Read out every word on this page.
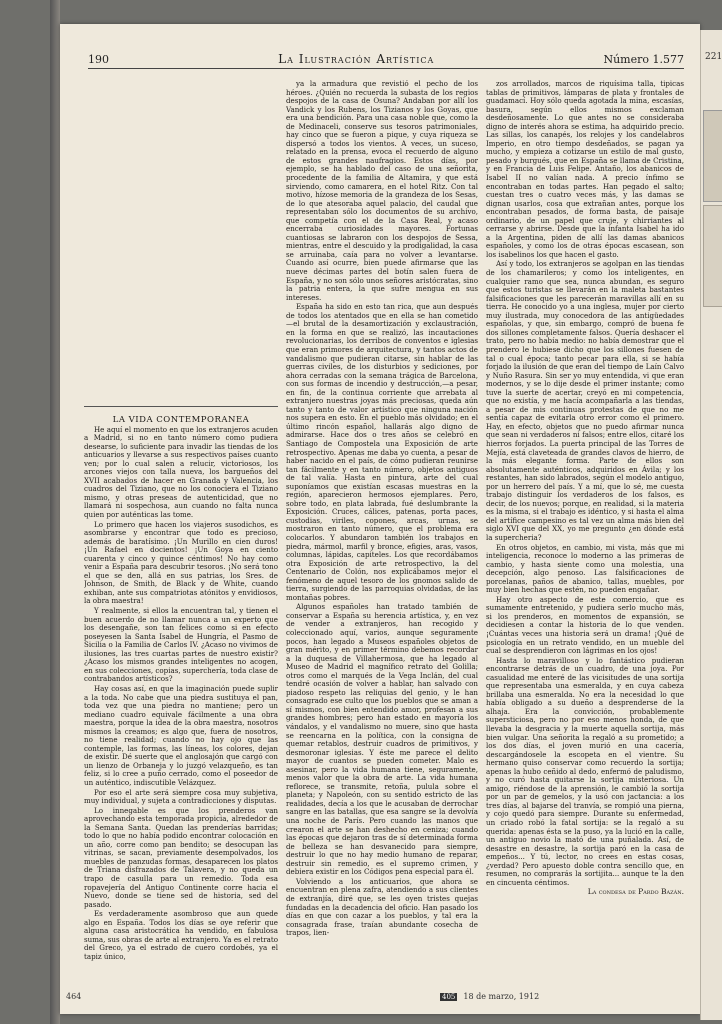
190	La Ilustración Artística	Número 1.577

LA VIDA CONTEMPORÁNEA

He aquí el momento en que los extranjeros acuden a Madrid, si no en tanto número como pudiera desearse, lo suficiente para invadir las tiendas de los anticuarios y llevarse a sus respectivos países cuanto ven; por lo cual salen a relucir, victoriosos, los arcones viejos con talla nueva, los bargueños del XVII acabados de hacer en Granada y Valencia, los cuadros del Tiziano, que no los conociera el Tiziano mismo, y otras preseas de autenticidad, que no llamará ni sospechosa, aun cuando no falta nunca quien por auténticas las tome.

Lo primero que hacen los viajeros susodichos, es asombrarse y encontrar que todo es precioso, además de baratísimo. ¡Un Murillo en cien duros! ¡Un Rafael en docientos! ¡Un Goya en ciento cuarenta y cinco y quince céntimos! No hay como venir a España para descubrir tesoros. ¡No será tono el que se den, allá en sus patrias, los Sres. de Johnson, de Smith, de Black y de White, cuando exhiban, ante sus compatriotas atónitos y envidiosos, la obra maestra!

Y realmente, si ellos la encuentran tal, y tienen el buen acuerdo de no llamar nunca a un experto que los desengañe, son tan felices como si en efecto poseyesen la Santa Isabel de Hungría, el Pasmo de Sicilia o la Familia de Carlos IV. ¿Acaso no vivimos de ilusiones, las tres cuartas partes de nuestro existir? ¿Acaso los mismos grandes inteligentes no acogen, en sus colecciones, copias, superchería, toda clase de contrabandos artísticos?

Hay cosas así, en que la imaginación puede suplir a la toda. No cabe que una piedra sustituya el pan, toda vez que una piedra no mantiene; pero un mediano cuadro equivale fácilmente a una obra maestra, porque la idea de la obra maestra, nosotros mismos la creamos; es algo que, fuera de nosotros, no tiene realidad; cuando no hay ojo que las contemple, las formas, las líneas, los colores, dejan de existir. Dé suerte que el anglosajón que cargó con un lienzo de Orbaneja y lo juzgó velazqueño, es tan feliz, si lo cree a puño cerrado, como el poseedor de un auténtico, indiscutible Velázquez.

Por eso el arte será siempre cosa muy subjetiva, muy individual, y sujeta a contradicciones y disputas.

Lo innegable es que los prenderos van aprovechando esta temporada propicia, alrededor de la Semana Santa. Quedan las prenderías barridas; todo lo que no había podido encontrar colocación en un año, corre como pan bendito; se desocupan las vitrinas, se sacan, previamente desempolvados, los muebles de panzudas formas, desaparecen los platos de Triana disfrazados de Talavera, y no queda un trapo de casulla para un remedio. Toda esa ropavejería del Antiguo Continente corre hacia el Nuevo, donde se tiene sed de historia, sed del pasado.

Es verdaderamente asombroso que aun quede algo en España. Todos los días se oye referir que alguna casa aristocrática ha vendido, en fabulosa suma, sus obras de arte al extranjero. Ya es el retrato del Greco, ya el estrado de cuero cordobés, ya el tapiz único,

ya la armadura que revistió el pecho de los héroes. ¿Quién no recuerda la subasta de los regios despojos de la casa de Osuna? Andaban por allí los Vandick y los Rubens, los Tizianos y los Goyas, que era una bendición. Para una casa noble que, como la de Medinaceli, conserve sus tesoros patrimoniales, hay cinco que se fueron a pique, y cuya riqueza se dispersó a todos los vientos. A veces, un suceso, relatado en la prensa, evoca el recuerdo de alguno de estos grandes naufragios. Estos días, por ejemplo, se ha hablado del caso de una señorita, procedente de la familia de Altamira, y que está sirviendo, como camarera, en el hotel Ritz. Con tal motivo, hízose memoria de la grandeza de los Sesas, de lo que atesoraba aquel palacio, del caudal que representaban sólo los documentos de su archivo, que competía con el de la Casa Real, y acaso encerraba curiosidades mayores. Fortunas cuantiosas se labraron con los despojos de Sessa, mientras, entre el descuido y la prodigalidad, la casa se arruinaba, caía para no volver a levantarse. Cuando así ocurre, bien puede afirmarse que las nueve décimas partes del botín salen fuera de España, y no son sólo unos señores aristócratas, sino la patria entera, la que sufre mengua en sus intereses.

España ha sido en esto tan rica, que aun después de todos los atentados que en ella se han cometido —el brutal de la desamortización y exclaustración, en la forma en que se realizó, las incautaciones revolucionarias, los derribos de conventos e iglesias que eran primores de arquitectura, y tantos actos de vandalismo que pudieran citarse, sin hablar de las guerras civiles, de los disturbios y sediciones, por ahora cerradas con la semana trágica de Barcelona, con sus formas de incendio y destrucción,—a pesar, en fin, de la continua corriente que arrebata al extranjero nuestras joyas más preciosas, queda aún tanto y tanto de valor artístico que ninguna nación nos supera en esto. En el pueblo más olvidado; en el último rincón español, hallarás algo digno de admirarse. Hace dos o tres años se celebró en Santiago de Compostela una Exposición de arte retrospectivo. Apenas me daba yo cuenta, a pesar de haber nacido en el país, de cómo pudieran reunirse tan fácilmente y en tanto número, objetos antiguos de tal valía. Hasta en pintura, arte del cual suponíamos que existían escasas muestras en la región, aparecieron hermosos ejemplares. Pero, sobre todo, en plata labrada, fué deslumbrante la Exposición. Cruces, cálices, patenas, porta paces, custodias, viriles, copones, arcas, urnas, se mostraron en tanto número, que el problema era colocarlos. Y abundaron también los trabajos en piedra, mármol, marfil y bronce, efigies, aras, vasos, columnas, lápidas, capiteles. Los que recordábamos otra Exposición de arte retrospectivo, la del Centenario de Colón, nos explicábamos mejor el fenómeno de aquel tesoro de los gnomos salido de tierra, surgiendo de las parroquias olvidadas, de las montañas pobres.

Algunos españoles han tratado también de conservar a España su herencia artística, y, en vez de vender a extranjeros, han recogido y coleccionado aquí, varios, aunque seguramente pocos, han legado a Museos españoles objetos de gran mérito, y en primer término debemos recordar a la duquesa de Villahermosa, que ha legado al Museo de Madrid el magnífico retrato del Golilla; otros como el marqués de la Vega Inclán, del cual tendré ocasión de volver a hablar, han salvado con piadoso respeto las reliquias del genio, y le han consagrado ese culto que los pueblos que se aman a sí mismos, con bien entendido amor, profesan a sus grandes hombres; pero han estado en mayoría los vándalos, y el vandalismo no muere, sino que hasta se reencarna en la política, con la consigna de quemar retablos, destruir cuadros de primitivos, y desmoronar iglesias. Y éste me parece el delito mayor de cuantos se pueden cometer. Malo es asesinar, pero la vida humana tiene, seguramente, menos valor que la obra de arte. La vida humana reflorece, se transmite, retoña, pulula sobre el planeta; y Napoleón, con su sentido estricto de las realidades, decía a los que le acusaban de derrochar sangre en las batallas, que esa sangre se la devolvía una noche de París. Pero cuando las manos que crearon el arte se han deshecho en ceniza; cuando las épocas que dejaron tras de sí determinada forma de belleza se han desvanecido para siempre, destruir lo que no hay medio humano de reparar, destruir sin remedio, es el supremo crimen, y debiera existir en los Códigos pena especial para él.

Volviendo a los anticuarios, que ahora se encuentran en plena zafra, atendiendo a sus clientes de extranjía, diré que, se les oyen tristes quejas fundadas en la decadencia del oficio. Han pasado los días en que con cazar a los pueblos, y tal era la consagrada frase, traían abundante cosecha de trapos, lien-

zos arrollados, marcos de riquísima talla, tipicas tablas de primitivos, lámparas de plata y frontales de guadamací. Hoy sólo queda agotada la mina, escasías, basura, según ellos mismos exclaman desdeñosamente. Lo que antes no se consideraba digno de interés ahora se estima, ha adquirido precio. Las sillas, los canapés, los relojes y los candelabros Imperio, en otro tiempo desdeñados, se pagan ya mucho, y empieza a cotizarse un estilo de mal gusto, pesado y burgués, que en España se llama de Cristina, y en Francia de Luis Felipe. Antaño, los abanicos de Isabel II no valían nada. A precio ínfimo se encontraban en todas partes. Han pegado el salto; cuestan tres o cuatro veces más, y las damas se dignan usarlos, cosa que extrañan antes, porque los encontraban pesados, de forma basta, de paisaje ordinario, de un papel que cruje, y chirriantes al cerrarse y abrirse. Desde que la infanta Isabel ha ido a la Argentina, piden de allí las damas abanicos españoles, y como los de otras épocas escasean, son los isabelinos los que hacen el gasto.

Así y todo, los extranjeros se agolpan en las tiendas de los chamarileros; y como los inteligentes, en cualquier ramo que sea, nunca abundan, es seguro que estos turistas se llevarán en la maleta bastantes falsificaciones que les parecerán maravillas allí en su tierra. He conocido yo a una inglesa, mujer por cierto muy ilustrada, muy conocedora de las antigüedades españolas, y que, sin embargo, compró de buena fe dos sillones completamente falsos. Quería deshacer el trato, pero no había medio: no había demostrar que el prendero le hubiese dicho que los sillones fuesen de tal o cual época; tanto pecar para ella, si se había forjado la ilusión de que eran del tiempo de Laín Calvo y Nuño Rasura. Sin ser yo muy entendida, vi que eran modernos, y se lo dije desde el primer instante; como tuve la suerte de acertar, creyó en mi competencia, que no existía, y me hacía acompañarla a las tiendas, a pesar de mis continuas protestas de que no me sentía capaz de evitarla otro error como el primero. Hay, en efecto, objetos que no puedo afirmar nunca que sean ni verdaderos ni falsos; entre ellos, citaré los hierros forjados. La puerta principal de las Torres de Mejía, está claveteada de grandes clavos de hierro, de la más elegante forma. Parte de ellos son absolutamente auténticos, adquiridos en Ávila; y los restantes, han sido labrados, según el modelo antiguo, por un herrero del país. Y a mí, que lo sé, me cuesta trabajo distinguir los verdaderos de los falsos, es decir, de los nuevos; porque, en realidad, si la materia es la misma, si el trabajo es idéntico, y si hasta el alma del artífice campesino es tal vez un alma más bien del siglo XVI que del XX, yo me pregunto ¿en dónde está la supercheria?

En otros objetos, en cambio, mi vista, más que mi inteligencia, reconoce lo moderno a las primeras de cambio, y hasta siente como una molestia, una decepción, algo penoso. Las falsificaciones de porcelanas, paños de abanico, tallas, muebles, por muy bien hechas que estén, no pueden engañar.

Hay otro aspecto de este comercio, que es sumamente entretenido, y pudiera serlo mucho más, si los prenderos, en momentos de expansión, se decidiesen a contar la historia de lo que venden. ¡Cuántas veces una historia será un drama! ¡Qué de psicología en un retrato vendido, en un mueble del cual se desprendieron con lágrimas en los ojos!

Hasta lo maravilloso y lo fantástico pudieran encontrarse detrás de un cuadro, de una joya. Por casualidad me enteré de las vicisitudes de una sortija que representaba una esmeralda, y en cuya cabeza brillaba una esmeralda. No era la necesidad lo que había obligado a su dueño a desprenderse de la alhaja. Era la convicción, probablemente supersticiosa, pero no por eso menos honda, de que llevaba la desgracia y la muerte aquella sortija, más bien vulgar. Una señorita la regaló a su prometido; a los dos días, el joven murió en una cacería, descargándosele la escopeta en el vientre. Su hermano quiso conservar como recuerdo la sortija; apenas la hubo ceñido al dedo, enfermó de paludismo, y no curó hasta quitarse la sortija misteriosa. Un amigo, riéndose de la aprensión, le cambió la sortija por un par de gemelos, y la usó con jactancia: a los tres días, al bajarse del tranvía, se rompió una pierna, y cojo quedó para siempre. Durante su enfermedad, un criado robó la fatal sortija: se la regaló a su querida: apenas ésta se la puso, ya la lució en la calle, un antiguo novio la mató de una puñalada. Así, de desastre en desastre, la sortija paró en la casa de empeños... Y tú, lector, no crees en estas cosas, ¿verdad? Pero apuesto doble contra sencillo que, en resumen, no comprarás la sortijita... aunque te la den en cincuenta céntimos.

La condesa de Pardo Bazán.

464	405 18 de marzo, 1912
221
